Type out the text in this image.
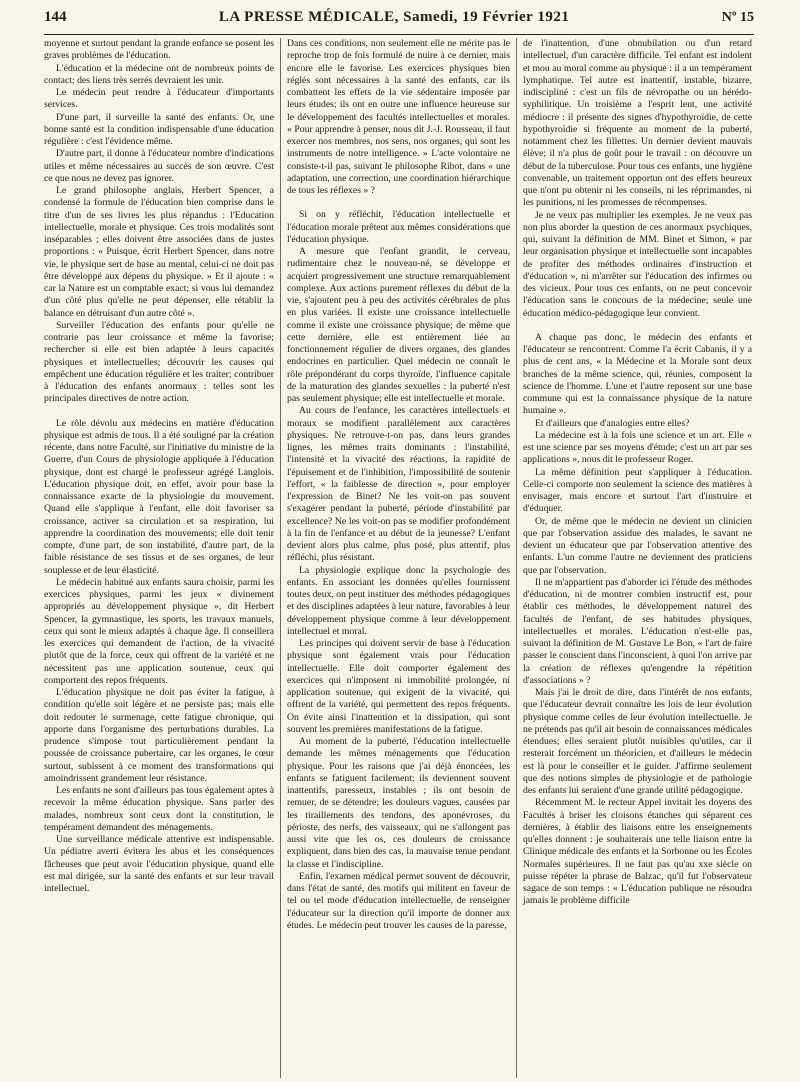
144	LA PRESSE MÉDICALE, Samedi, 19 Février 1921	Nº 15

moyenne et surtout pendant la grande enfance se posent les graves problèmes de l'éducation.

L'éducation et la médecine ont de nombreux points de contact; des liens très serrés devraient les unir.

Le médecin peut rendre à l'éducateur d'importants services.

D'une part, il surveille la santé des enfants. Or, une bonne santé est la condition indispensable d'une éducation régulière : c'est l'évidence même.

D'autre part, il donne à l'éducateur nombre d'indications utiles et même nécessaires au succès de son œuvre. C'est ce que nous ne devez pas ignorer.

Le grand philosophe anglais, Herbert Spencer, a condensé la formule de l'éducation bien comprise dans le titre d'un de ses livres les plus répandus : l'Education intellectuelle, morale et physique. Ces trois modalités sont inséparables ; elles doivent être associées dans de justes proportions : « Puisque, écrit Herbert Spencer, dans notre vie, le physique sert de base au mental, celui-ci ne doit pas être développé aux dépens du physique. » Et il ajoute : « car la Nature est un comptable exact; si vous lui demandez d'un côté plus qu'elle ne peut dépenser, elle rétablit la balance en détruisant d'un autre côté ».

Surveiller l'éducation des enfants pour qu'elle ne contrarie pas leur croissance et même la favorise; rechercher si elle est bien adaptée à leurs capacités physiques et intellectuelles; découvrir les causes qui empêchent une éducation régulière et les traiter; contribuer à l'éducation des enfants anormaux : telles sont les principales directives de notre action.

Le rôle dévolu aux médecins en matière d'éducation physique est admis de tous. Il a été souligné par la création récente, dans notre Faculté, sur l'initiative du ministre de la Guerre, d'un Cours de physiologie appliquée à l'éducation physique, dont est chargé le professeur agrégé Langlois. L'éducation physique doit, en effet, avoir pour base la connaissance exacte de la physiologie du mouvement. Quand elle s'applique à l'enfant, elle doit favoriser sa croissance, activer sa circulation et sa respiration, lui apprendre la coordination des mouvements; elle doit tenir compte, d'une part, de son instabilité, d'autre part, de la faible résistance de ses tissus et de ses organes, de leur souplesse et de leur élasticité.

Le médecin habitué aux enfants saura choisir, parmi les exercices physiques, parmi les jeux « divinement appropriés au développement physique », dit Herbert Spencer, la gymnastique, les sports, les travaux manuels, ceux qui sont le mieux adaptés à chaque âge. Il conseillera les exercices qui demandent de l'action, de la vivacité plutôt que de la force, ceux qui offrent de la variété et ne nécessitent pas une application soutenue, ceux qui comportent des repos fréquents.

L'éducation physique ne doit pas éviter la fatigue, à condition qu'elle soit légère et ne persiste pas; mais elle doit redouter le surmenage, cette fatigue chronique, qui apporte dans l'organisme des perturbations durables. La prudence s'impose tout particulièrement pendant la poussée de croissance pubertaire, car les organes, le cœur surtout, subissent à ce moment des transformations qui amoindrissent grandement leur résistance.

Les enfants ne sont d'ailleurs pas tous également aptes à recevoir la même éducation physique. Sans parler des malades, nombreux sont ceux dont la constitution, le tempérament demandent des ménagements.

Une surveillance médicale attentive est indispensable. Un pédiatre averti évitera les abus et les conséquences fâcheuses que peut avoir l'éducation physique, quand elle est mal dirigée, sur la santé des enfants et sur leur travail intellectuel.

Dans ces conditions, non seulement elle ne mérite pas le reproche trop de fois formulé de nuire à ce dernier, mais encore elle le favorise. Les exercices physiques bien réglés sont nécessaires à la santé des enfants, car ils combattent les effets de la vie sédentaire imposée par leurs études; ils ont en outre une influence heureuse sur le développement des facultés intellectuelles et morales. « Pour apprendre à penser, nous dit J.-J. Rousseau, il faut exercer nos membres, nos sens, nos organes, qui sont les instruments de notre intelligence. » L'acte volontaire ne consiste-t-il pas, suivant le philosophe Ribot, dans « une adaptation, une correction, une coordination hiérarchique de tous les réflexes » ?

Si on y réfléchit, l'éducation intellectuelle et l'éducation morale prêtent aux mêmes considérations que l'éducation physique.

A mesure que l'enfant grandit, le cerveau, rudimentaire chez le nouveau-né, se développe et acquiert progressivement une structure remarquablement complexe. Aux actions purement réflexes du début de la vie, s'ajoutent peu à peu des activités cérébrales de plus en plus variées. Il existe une croissance intellectuelle comme il existe une croissance physique; de même que cette dernière, elle est entièrement liée au fonctionnement régulier de divers organes, des glandes endocrines en particulier. Quel médecin ne connaît le rôle prépondérant du corps thyroïde, l'influence capitale de la maturation des glandes sexuelles : la puberté n'est pas seulement physique; elle est intellectuelle et morale.

Au cours de l'enfance, les caractères intellectuels et moraux se modifient parallèlement aux caractères physiques. Ne retrouve-t-on pas, dans leurs grandes lignes, les mêmes traits dominants : l'instabilité, l'intensité et la vivacité des réactions, la rapidité de l'épuisement et de l'inhibition, l'impossibilité de soutenir l'effort, « la faiblesse de direction », pour employer l'expression de Binet? Ne les voit-on pas souvent s'exagérer pendant la puberté, période d'instabilité par excellence? Ne les voit-on pas se modifier profondément à la fin de l'enfance et au début de la jeunesse? L'enfant devient alors plus calme, plus posé, plus attentif, plus réfléchi, plus résistant.

La physiologie explique donc la psychologie des enfants. En associant les données qu'elles fournissent toutes deux, on peut instituer des méthodes pédagogiques et des disciplines adaptées à leur nature, favorables à leur développement physique comme à leur développement intellectuel et moral.

Les principes qui doivent servir de base à l'éducation physique sont également vrais pour l'éducation intellectuelle. Elle doit comporter également des exercices qui n'imposent ni immobilité prolongée, ni application soutenue, qui exigent de la vivacité, qui offrent de la variété, qui permettent des repos fréquents. On évite ainsi l'inattention et la dissipation, qui sont souvent les premières manifestations de la fatigue.

Au moment de la puberté, l'éducation intellectuelle demande les mêmes ménagements que l'éducation physique. Pour les raisons que j'ai déjà énoncées, les enfants se fatiguent facilement; ils deviennent souvent inattentifs, paresseux, instables ; ils ont besoin de remuer, de se détendre; les douleurs vagues, causées par les tiraillements des tendons, des aponévroses, du périoste, des nerfs, des vaisseaux, qui ne s'allongent pas aussi vite que les os, ces douleurs de croissance expliquent, dans bien des cas, la mauvaise tenue pendant la classe et l'indiscipline.

Enfin, l'examen médical permet souvent de découvrir, dans l'état de santé, des motifs qui militent en faveur de tel ou tel mode d'éducation intellectuelle, de renseigner l'éducateur sur la direction qu'il importe de donner aux études. Le médecin peut trouver les causes de la paresse,

de l'inattention, d'une obnubilation ou d'un retard intellectuel, d'un caractère difficile. Tel enfant est indolent et mou au moral comme au physique : il a un tempérament lymphatique. Tel autre est inattentif, instable, bizarre, indiscipliné : c'est un fils de névropathe ou un hérédo-syphilitique. Un troisième a l'esprit lent, une activité médiocre : il présente des signes d'hypothyroïdie, de cette hypothyroïdie si fréquente au moment de la puberté, notamment chez les fillettes. Un dernier devient mauvais élève; il n'a plus de goût pour le travail : on découvre un début de la tuberculose. Pour tous ces enfants, une hygiène convenable, un traitement opportun ont des effets heureux que n'ont pu obtenir ni les conseils, ni les réprimandes, ni les punitions, ni les promesses de récompenses.

Je ne veux pas multiplier les exemples. Je ne veux pas non plus aborder la question de ces anormaux psychiques, qui, suivant la définition de MM. Binet et Simon, « par leur organisation physique et intellectuelle sont incapables de profiter des méthodes ordinaires d'instruction et d'éducation », ni m'arrêter sur l'éducation des infirmes ou des vicieux. Pour tous ces enfants, on ne peut concevoir l'éducation sans le concours de la médecine; seule une éducation médico-pédagogique leur convient.

A chaque pas donc, le médecin des enfants et l'éducateur se rencontrent. Comme l'a écrit Cabanis, il y a plus de cent ans, « la Médecine et la Morale sont deux branches de la même science, qui, réunies, composent la science de l'homme. L'une et l'autre reposent sur une base commune qui est la connaissance physique de la nature humaine ».

Et d'ailleurs que d'analogies entre elles?

La médecine est à la fois une science et un art. Elle « est une science par ses moyens d'étude; c'est un art par ses applications », nous dit le professeur Roger.

La même définition peut s'appliquer à l'éducation. Celle-ci comporte non seulement la science des matières à envisager, mais encore et surtout l'art d'instruire et d'éduquer.

Or, de même que le médecin ne devient un clinicien que par l'observation assidue des malades, le savant ne devient un éducateur que par l'observation attentive des enfants. L'un comme l'autre ne deviennent des praticiens que par l'observation.

Il ne m'appartient pas d'aborder ici l'étude des méthodes d'éducation, ni de montrer combien instructif est, pour établir ces méthodes, le développement naturel des facultés de l'enfant, de ses habitudes physiques, intellectuelles et morales. L'éducation n'est-elle pas, suivant la définition de M. Gustave Le Bon, « l'art de faire passer le conscient dans l'inconscient, à quoi l'on arrive par la création de réflexes qu'engendre la répétition d'associations » ?

Mais j'ai le droit de dire, dans l'intérêt de nos enfants, que l'éducateur devrait connaître les lois de leur évolution physique comme celles de leur évolution intellectuelle. Je ne prétends pas qu'il ait besoin de connaissances médicales étendues; elles seraient plutôt nuisibles qu'utiles, car il resterait forcément un théoricien, et d'ailleurs le médecin est là pour le conseiller et le guider. J'affirme seulement que des notions simples de physiologie et de pathologie des enfants lui seraient d'une grande utilité pédagogique.

Récemment M. le recteur Appel invitait les doyens des Facultés à briser les cloisons étanches qui séparent ces dernières, à établir des liaisons entre les enseignements qu'elles donnent : je souhaiterais une telle liaison entre la Clinique médicale des enfants et la Sorbonne ou les Écoles Normales supérieures. Il ne faut pas qu'au xxe siècle on puisse répéter la phrase de Balzac, qu'il fut l'observateur sagace de son temps : « L'éducation publique ne résoudra jamais le problème difficile
